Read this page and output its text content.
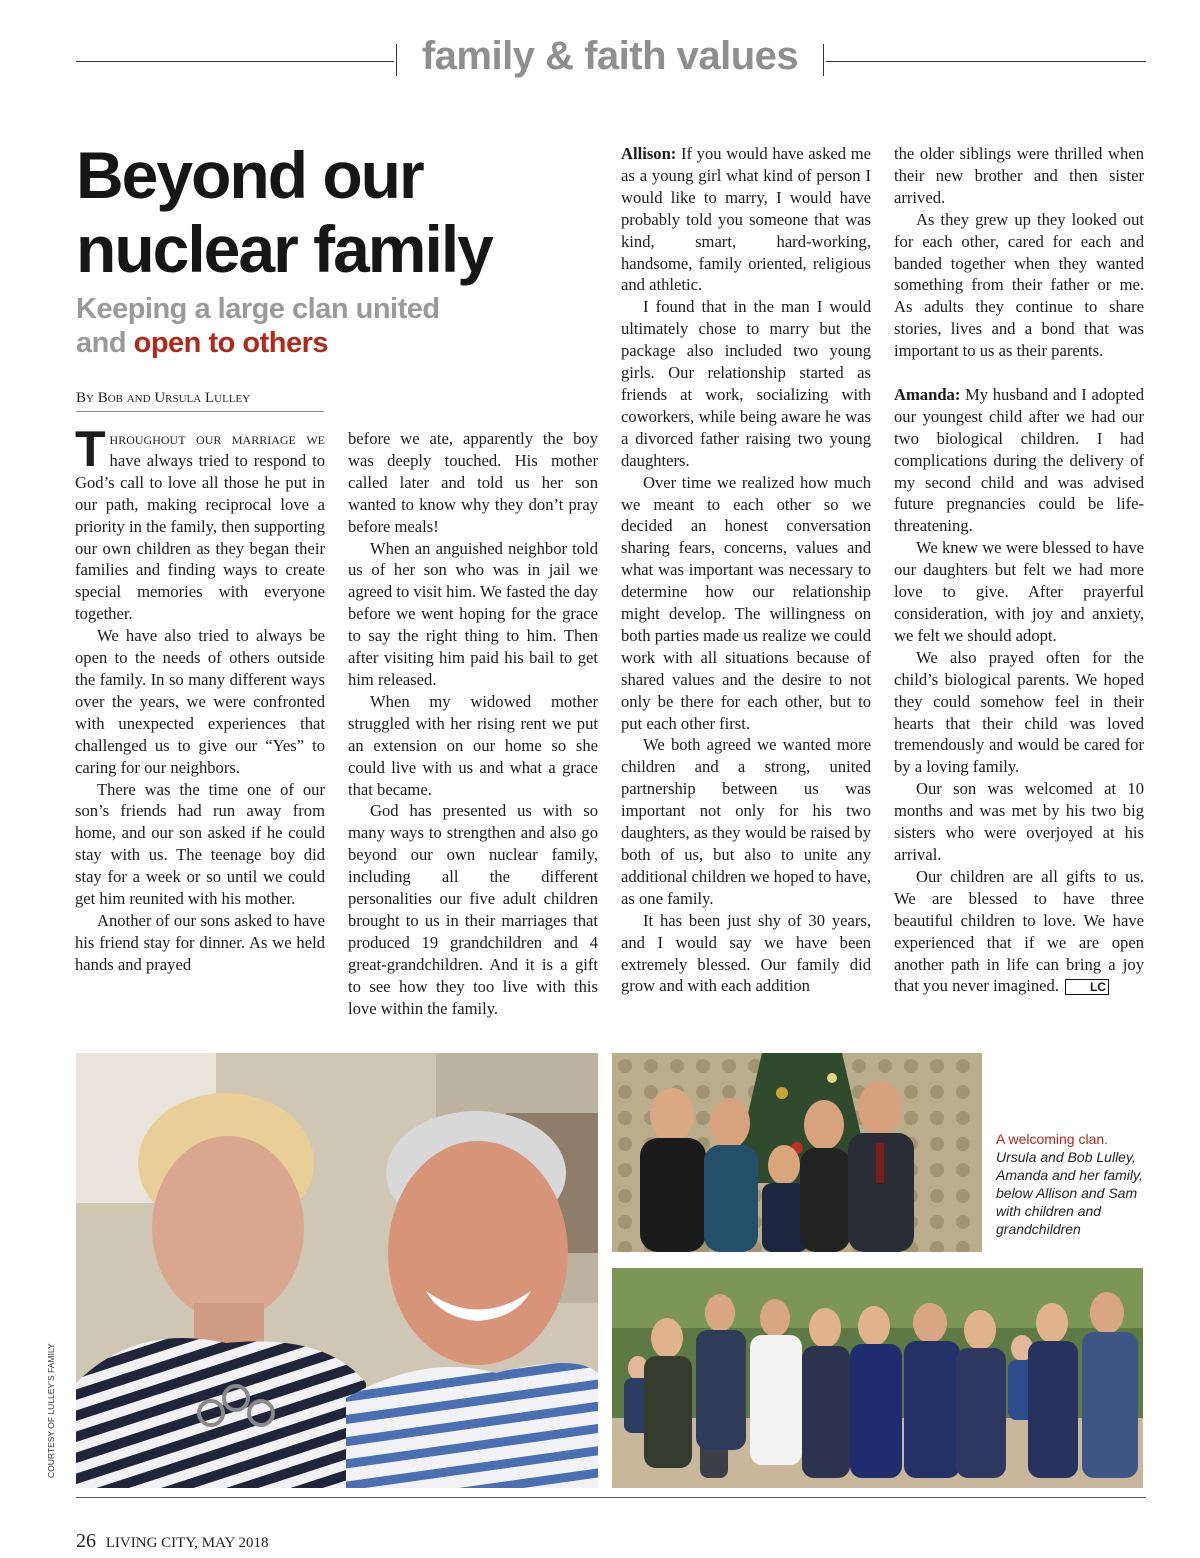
family & faith values
Beyond our
nuclear family
Keeping a large clan united
and open to others
By Bob and Ursula Lulley

Throughout our marriage we have always tried to respond to God’s call to love all those he put in our path, making reciprocal love a priority in the family, then supporting our own children as they began their families and finding ways to create special memories with everyone together.

We have also tried to always be open to the needs of others outside the family. In so many different ways over the years, we were confronted with unexpected experiences that challenged us to give our “Yes” to caring for our neighbors.

There was the time one of our son’s friends had run away from home, and our son asked if he could stay with us. The teenage boy did stay for a week or so until we could get him reunited with his mother.

Another of our sons asked to have his friend stay for dinner. As we held hands and prayed

before we ate, apparently the boy was deeply touched. His mother called later and told us her son wanted to know why they don’t pray before meals!

When an anguished neighbor told us of her son who was in jail we agreed to visit him. We fasted the day before we went hoping for the grace to say the right thing to him. Then after visiting him paid his bail to get him released.

When my widowed mother struggled with her rising rent we put an extension on our home so she could live with us and what a grace that became.

God has presented us with so many ways to strengthen and also go beyond our own nuclear family, including all the different personalities our five adult children brought to us in their marriages that produced 19 grandchildren and 4 great-grandchildren. And it is a gift to see how they too live with this love within the family.

Allison: If you would have asked me as a young girl what kind of person I would like to marry, I would have probably told you someone that was kind, smart, hard-working, handsome, family oriented, religious and athletic.

I found that in the man I would ultimately chose to marry but the package also included two young girls. Our relationship started as friends at work, socializing with coworkers, while being aware he was a divorced father raising two young daughters.

Over time we realized how much we meant to each other so we decided an honest conversation sharing fears, concerns, values and what was important was necessary to determine how our relationship might develop. The willingness on both parties made us realize we could work with all situations because of shared values and the desire to not only be there for each other, but to put each other first.

We both agreed we wanted more children and a strong, united partnership between us was important not only for his two daughters, as they would be raised by both of us, but also to unite any additional children we hoped to have, as one family.

It has been just shy of 30 years, and I would say we have been extremely blessed. Our family did grow and with each addition

the older siblings were thrilled when their new brother and then sister arrived.

As they grew up they looked out for each other, cared for each and banded together when they wanted something from their father or me. As adults they continue to share stories, lives and a bond that was important to us as their parents.

Amanda: My husband and I adopted our youngest child after we had our two biological children. I had complications during the delivery of my second child and was advised future pregnancies could be life-threatening.

We knew we were blessed to have our daughters but felt we had more love to give. After prayerful consideration, with joy and anxiety, we felt we should adopt.

We also prayed often for the child’s biological parents. We hoped they could somehow feel in their hearts that their child was loved tremendously and would be cared for by a loving family.

Our son was welcomed at 10 months and was met by his two big sisters who were overjoyed at his arrival.

Our children are all gifts to us. We are blessed to have three beautiful children to love. We have experienced that if we are open another path in life can bring a joy that you never imagined.	LC

COURTESY OF LULLEY’S FAMILY
A welcoming clan.
Ursula and Bob Lulley, Amanda and her family, below Allison and Sam with children and grandchildren
26 LIVING CITY, MAY 2018
